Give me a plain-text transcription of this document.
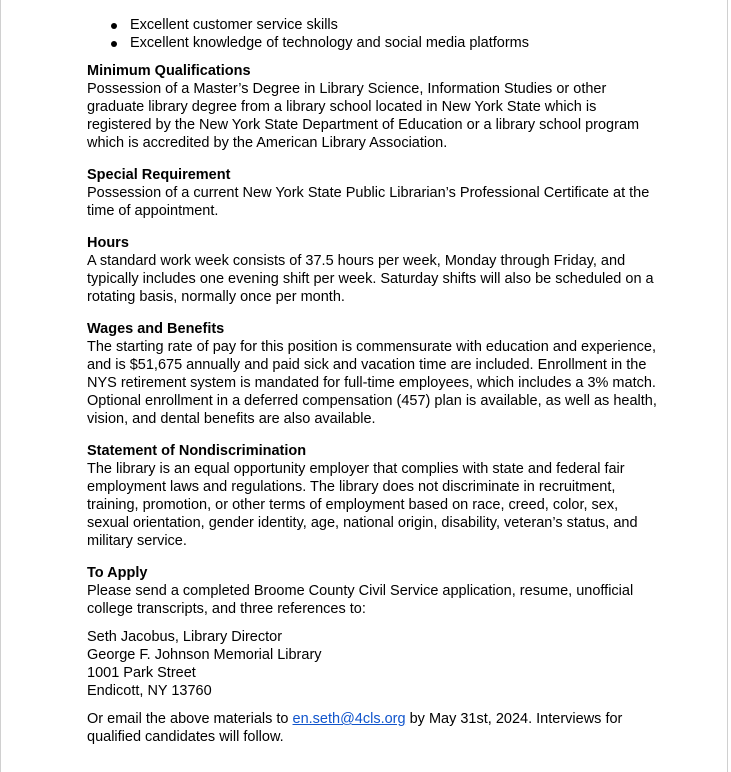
Excellent customer service skills
Excellent knowledge of technology and social media platforms
Minimum Qualifications

Possession of a Master’s Degree in Library Science, Information Studies or other graduate library degree from a library school located in New York State which is registered by the New York State Department of Education or a library school program which is accredited by the American Library Association.

Special Requirement

Possession of a current New York State Public Librarian’s Professional Certificate at the time of appointment.

Hours

A standard work week consists of 37.5 hours per week, Monday through Friday, and typically includes one evening shift per week. Saturday shifts will also be scheduled on a rotating basis, normally once per month.

Wages and Benefits

The starting rate of pay for this position is commensurate with education and experience, and is $51,675 annually and paid sick and vacation time are included. Enrollment in the NYS retirement system is mandated for full-time employees, which includes a 3% match. Optional enrollment in a deferred compensation (457) plan is available, as well as health, vision, and dental benefits are also available.

Statement of Nondiscrimination

The library is an equal opportunity employer that complies with state and federal fair employment laws and regulations. The library does not discriminate in recruitment, training, promotion, or other terms of employment based on race, creed, color, sex, sexual orientation, gender identity, age, national origin, disability, veteran’s status, and military service.

To Apply

Please send a completed Broome County Civil Service application, resume, unofficial college transcripts, and three references to:

Seth Jacobus, Library Director
George F. Johnson Memorial Library
1001 Park Street
Endicott, NY 13760

Or email the above materials to en.seth@4cls.org by May 31st, 2024. Interviews for qualified candidates will follow.
